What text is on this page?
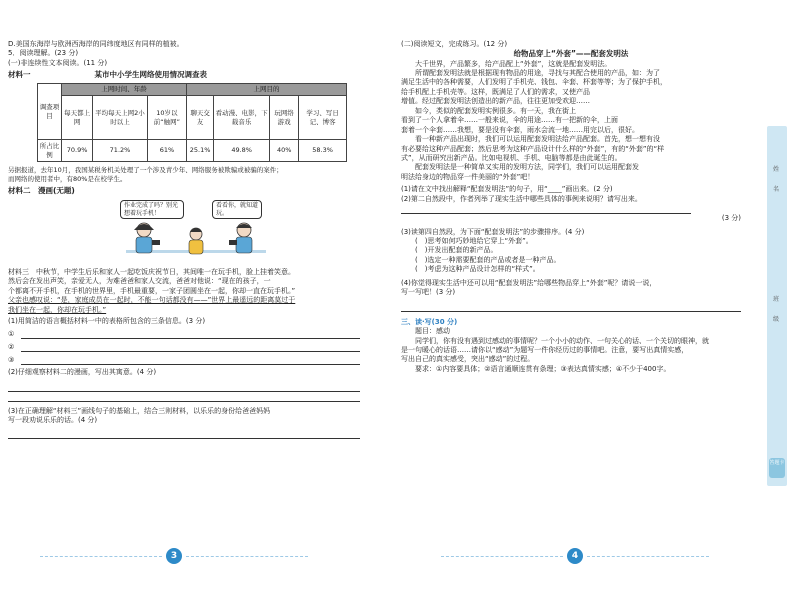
D.美国东海岸与欧洲西海岸的同纬度地区有同样的植被。
5．阅读理解。(23 分)
(一)非连续性文本阅读。(11 分)
材料一	某市中小学生网络使用情况调查表
调查项目	上网时间、年龄			上网目的			
	每天都上网	平均每天上网2小时以上	10岁以前“触网”	聊天交友	看动漫、电影，下载音乐	玩网络游戏	学习、写日记、博客
所占比例	70.9%	71.2%	61%	25.1%	49.8%	40%	58.3%
另据报道，去年10月，我国某税务机关处理了一个涉及青少年、网络服务被欺骗或被骗的案件；
而网络的使用者中，有80%是在校学生。
材料二　漫画(无题)
作业完成了吗？别光想着玩手机！
看看你，就知道玩。
材料三　中秋节，中学生后乐和家人一起吃饭庆祝节日，其间唯一在玩手机，脸上挂着笑意。
然后会在发出声笑，亲爱无人，为难爸爸和家人交流，爸爸对他说：“现在的孩子，一
个都离不开手机，在手机的世界里，手机最重要，一家子团圆坐在一起，你却一直在玩手机。”
父亲也感叹说：“是，家庭成员在一起时，不能一句话都没有——”世界上最遥远的距离莫过于
我们坐在一起，你却在玩手机。”
(1)用简洁的语言概括材料一中的表格所包含的三条信息。(3 分)
①
②
③
(2)仔细观察材料二的漫画，写出其寓意。(4 分)
(3)在正确理解“材料三”画线句子的基础上，结合三则材料，以乐乐的身份给爸爸妈妈
写一段劝说乐乐的话。(4 分)
3
(二)阅读短文，完成练习。(12 分)
给物品穿上“外套”——配套发明法
大千世界，产品繁多，给产品配上“外套”，这就是配套发明法。
所谓配套发明法就是根据现有物品的用途，寻找与其配合使用的产品，如：为了
满足生活中的各种需要，人们发明了手机壳、钱包、伞套、杯套等等；为了保护手机，
给手机配上手机壳等。这样，既满足了人们的需求，又使产品
增值。经过配套发明法创造出的新产品，往往更加受欢迎……
如今，类似的配套发明实例很多。有一天，我在街上
看到了一个人拿着伞……一般来说，伞的用途……有一把新的伞，上面
套着一个伞套……我想，要是没有伞套，雨水会流一地……用完以后，很好。
看一种新产品出现时，我们可以运用配套发明法给产品配套。首先，想一想有没
有必要给这种产品配套；然后思考为这种产品设计什么样的“外套”，有的“外套”的“样
式”，从而研究出新产品。比如电视机、手机、电脑等都是由此诞生的。
配套发明法是一种简单又实用的发明方法，同学们，我们可以运用配套发
明法给身边的物品穿一件美丽的“外套”吧！
(1)请在文中找出解释“配套发明法”的句子，用“____”画出来。(2 分)
(2)第二自然段中，作者列举了现实生活中哪些具体的事例来说明？请写出来。
(3 分)
(3)读第四自然段，为下面“配套发明法”的步骤排序。(4 分)
(　)思考如何巧妙地给它穿上“外套”。
(　)开发出配套的新产品。
(　)选定一种需要配套的产品或者是一种产品。
(　)考虑为这种产品设计怎样的“样式”。
(4)你觉得现实生活中还可以用“配套发明法”给哪些物品穿上“外套”呢？请说一说，
写一写吧！(3 分)
三、读·写(30 分)
题目：感动
同学们，你有没有遇到过感动的事情呢？一个小小的动作、一句关心的话、一个关切的眼神，就
是一句暖心的话语……请你以“感动”为题写一件你经历过的事情吧。注意，要写出真情实感，
写出自己的真实感受，突出“感动”的过程。
要求：①内容要具体；②语言通顺连贯有条理；③表达真情实感；④不少于400字。
4
姓
名
班
级
答题卡
